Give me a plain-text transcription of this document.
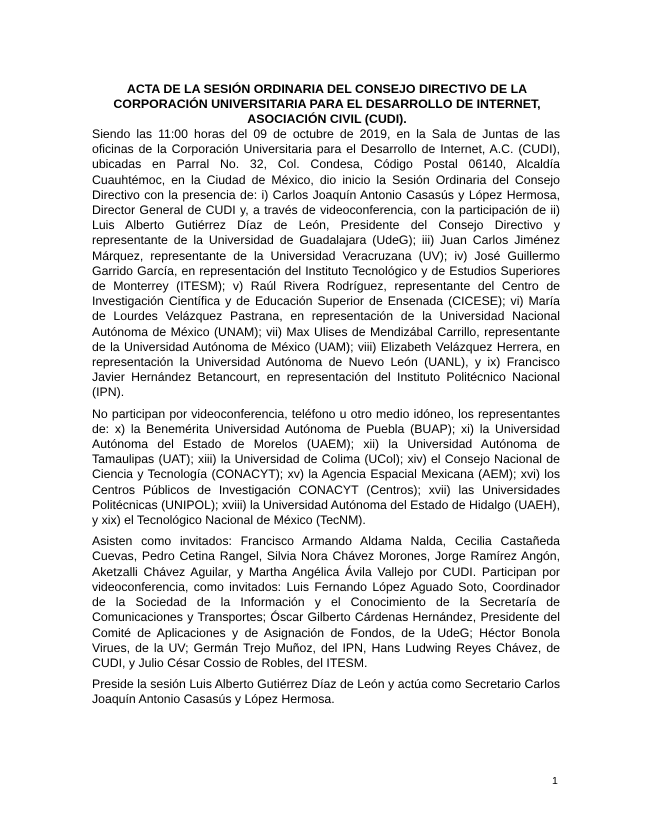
ACTA DE LA SESIÓN ORDINARIA DEL CONSEJO DIRECTIVO DE LA
CORPORACIÓN UNIVERSITARIA PARA EL DESARROLLO DE INTERNET,
ASOCIACIÓN CIVIL (CUDI).

Siendo las 11:00 horas del 09 de octubre de 2019, en la Sala de Juntas de las oficinas de la Corporación Universitaria para el Desarrollo de Internet, A.C. (CUDI), ubicadas en Parral No. 32, Col. Condesa, Código Postal 06140, Alcaldía Cuauhtémoc, en la Ciudad de México, dio inicio la Sesión Ordinaria del Consejo Directivo con la presencia de: i) Carlos Joaquín Antonio Casasús y López Hermosa, Director General de CUDI y, a través de videoconferencia, con la participación de ii) Luis Alberto Gutiérrez Díaz de León, Presidente del Consejo Directivo y representante de la Universidad de Guadalajara (UdeG); iii) Juan Carlos Jiménez Márquez, representante de la Universidad Veracruzana (UV); iv) José Guillermo Garrido García, en representación del Instituto Tecnológico y de Estudios Superiores de Monterrey (ITESM); v) Raúl Rivera Rodríguez, representante del Centro de Investigación Científica y de Educación Superior de Ensenada (CICESE); vi) María de Lourdes Velázquez Pastrana, en representación de la Universidad Nacional Autónoma de México (UNAM); vii) Max Ulises de Mendizábal Carrillo, representante de la Universidad Autónoma de México (UAM); viii) Elizabeth Velázquez Herrera, en representación la Universidad Autónoma de Nuevo León (UANL), y ix) Francisco Javier Hernández Betancourt, en representación del Instituto Politécnico Nacional (IPN).

No participan por videoconferencia, teléfono u otro medio idóneo, los representantes de: x) la Benemérita Universidad Autónoma de Puebla (BUAP); xi) la Universidad Autónoma del Estado de Morelos (UAEM); xii) la Universidad Autónoma de Tamaulipas (UAT); xiii) la Universidad de Colima (UCol); xiv) el Consejo Nacional de Ciencia y Tecnología (CONACYT); xv) la Agencia Espacial Mexicana (AEM); xvi) los Centros Públicos de Investigación CONACYT (Centros); xvii) las Universidades Politécnicas (UNIPOL); xviii) la Universidad Autónoma del Estado de Hidalgo (UAEH), y xix) el Tecnológico Nacional de México (TecNM).

Asisten como invitados: Francisco Armando Aldama Nalda, Cecilia Castañeda Cuevas, Pedro Cetina Rangel, Silvia Nora Chávez Morones, Jorge Ramírez Angón, Aketzalli Chávez Aguilar, y Martha Angélica Ávila Vallejo por CUDI. Participan por videoconferencia, como invitados: Luis Fernando López Aguado Soto, Coordinador de la Sociedad de la Información y el Conocimiento de la Secretaría de Comunicaciones y Transportes; Óscar Gilberto Cárdenas Hernández, Presidente del Comité de Aplicaciones y de Asignación de Fondos, de la UdeG; Héctor Bonola Virues, de la UV; Germán Trejo Muñoz, del IPN, Hans Ludwing Reyes Chávez, de CUDI, y Julio César Cossio de Robles, del ITESM.

Preside la sesión Luis Alberto Gutiérrez Díaz de León y actúa como Secretario Carlos Joaquín Antonio Casasús y López Hermosa.

1
